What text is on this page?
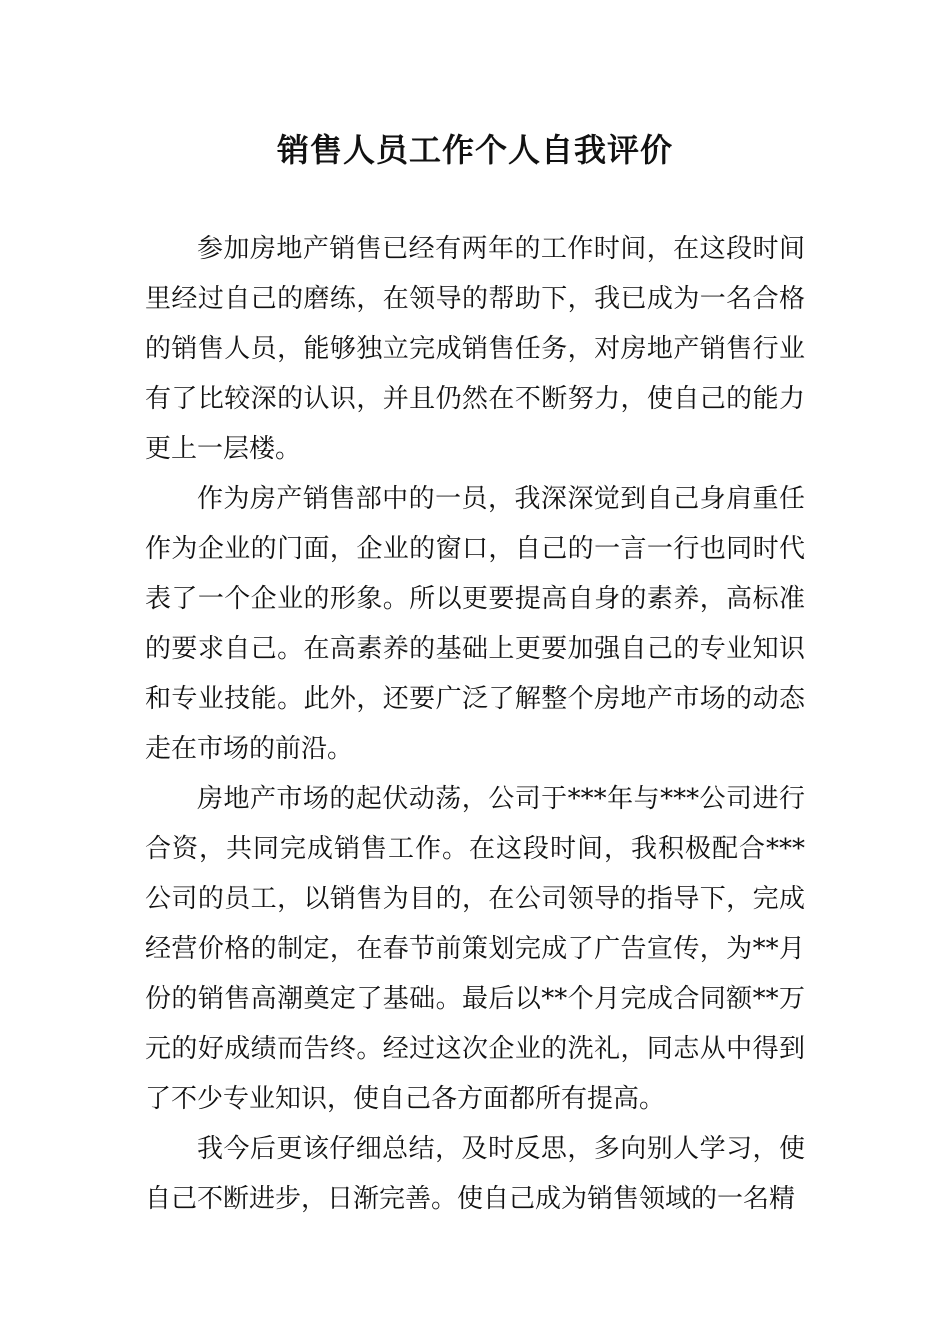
销售人员工作个人自我评价

参加房地产销售已经有两年的工作时间，在这段时间里经过自己的磨练，在领导的帮助下，我已成为一名合格的销售人员，能够独立完成销售任务，对房地产销售行业有了比较深的认识，并且仍然在不断努力，使自己的能力更上一层楼。

作为房产销售部中的一员，我深深觉到自己身肩重任作为企业的门面，企业的窗口，自己的一言一行也同时代表了一个企业的形象。所以更要提高自身的素养，高标准的要求自己。在高素养的基础上更要加强自己的专业知识和专业技能。此外，还要广泛了解整个房地产市场的动态走在市场的前沿。

房地产市场的起伏动荡，公司于***年与***公司进行合资，共同完成销售工作。在这段时间，我积极配合***公司的员工，以销售为目的，在公司领导的指导下，完成经营价格的制定，在春节前策划完成了广告宣传，为**月份的销售高潮奠定了基础。最后以**个月完成合同额**万元的好成绩而告终。经过这次企业的洗礼，同志从中得到了不少专业知识，使自己各方面都所有提高。

我今后更该仔细总结，及时反思，多向别人学习，使自己不断进步，日渐完善。使自己成为销售领域的一名精
